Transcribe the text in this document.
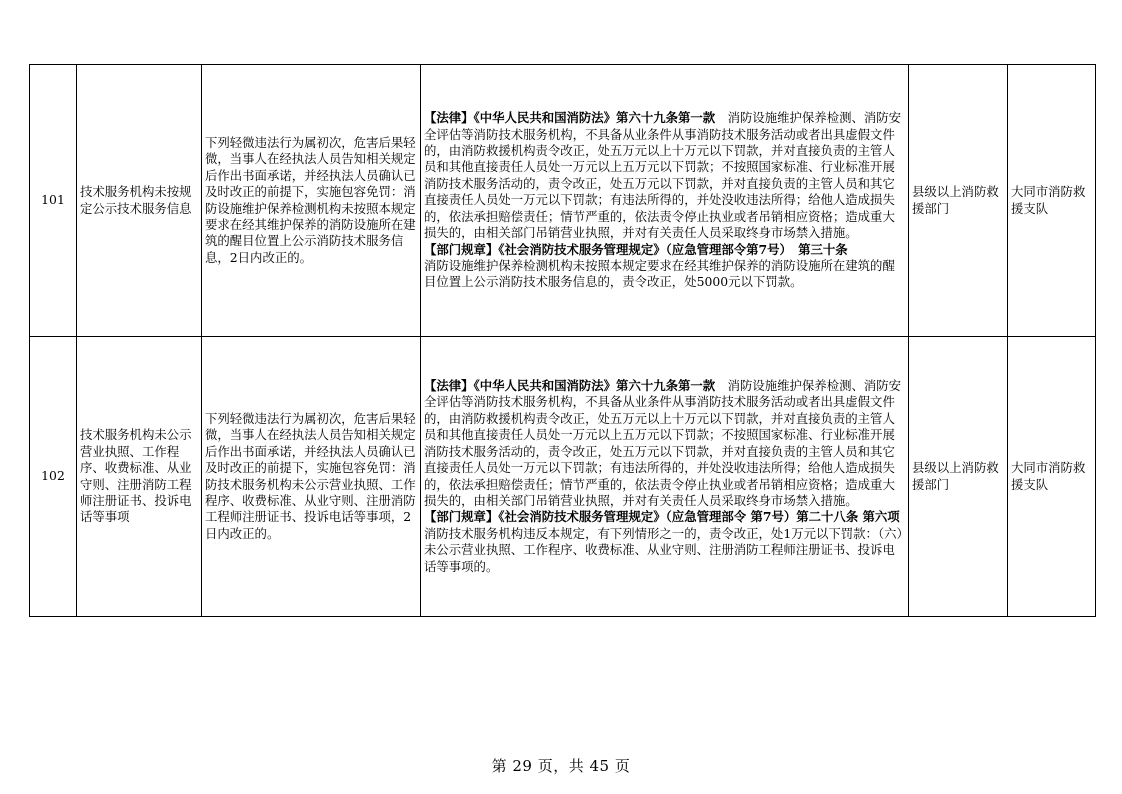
101	技术服务机构未按规定公示技术服务信息	下列轻微违法行为属初次，危害后果轻微，当事人在经执法人员告知相关规定后作出书面承诺，并经执法人员确认已及时改正的前提下，实施包容免罚：消防设施维护保养检测机构未按照本规定要求在经其维护保养的消防设施所在建筑的醒目位置上公示消防技术服务信息，2日内改正的。	【法律】《中华人民共和国消防法》第六十九条第一款　消防设施维护保养检测、消防安全评估等消防技术服务机构，不具备从业条件从事消防技术服务活动或者出具虚假文件的，由消防救援机构责令改正，处五万元以上十万元以下罚款，并对直接负责的主管人员和其他直接责任人员处一万元以上五万元以下罚款；不按照国家标准、行业标准开展消防技术服务活动的，责令改正，处五万元以下罚款，并对直接负责的主管人员和其它直接责任人员处一万元以下罚款；有违法所得的，并处没收违法所得；给他人造成损失的，依法承担赔偿责任；情节严重的，依法责令停止执业或者吊销相应资格；造成重大损失的，由相关部门吊销营业执照，并对有关责任人员采取终身市场禁入措施。
【部门规章】《社会消防技术服务管理规定》（应急管理部令第7号）　第三十条
消防设施维护保养检测机构未按照本规定要求在经其维护保养的消防设施所在建筑的醒目位置上公示消防技术服务信息的，责令改正，处5000元以下罚款。	县级以上消防救援部门	大同市消防救援支队
102	技术服务机构未公示营业执照、工作程序、收费标准、从业守则、注册消防工程师注册证书、投诉电话等事项	下列轻微违法行为属初次，危害后果轻微，当事人在经执法人员告知相关规定后作出书面承诺，并经执法人员确认已及时改正的前提下，实施包容免罚：消防技术服务机构未公示营业执照、工作程序、收费标准、从业守则、注册消防工程师注册证书、投诉电话等事项，2日内改正的。	【法律】《中华人民共和国消防法》第六十九条第一款　消防设施维护保养检测、消防安全评估等消防技术服务机构，不具备从业条件从事消防技术服务活动或者出具虚假文件的，由消防救援机构责令改正，处五万元以上十万元以下罚款，并对直接负责的主管人员和其他直接责任人员处一万元以上五万元以下罚款；不按照国家标准、行业标准开展消防技术服务活动的，责令改正，处五万元以下罚款，并对直接负责的主管人员和其它直接责任人员处一万元以下罚款；有违法所得的，并处没收违法所得；给他人造成损失的，依法承担赔偿责任；情节严重的，依法责令停止执业或者吊销相应资格；造成重大损失的，由相关部门吊销营业执照，并对有关责任人员采取终身市场禁入措施。
【部门规章】《社会消防技术服务管理规定》（应急管理部令 第7号）第二十八条 第六项　消防技术服务机构违反本规定，有下列情形之一的，责令改正，处1万元以下罚款：（六）未公示营业执照、工作程序、收费标准、从业守则、注册消防工程师注册证书、投诉电话等事项的。	县级以上消防救援部门	大同市消防救援支队
第 29 页，共 45 页
